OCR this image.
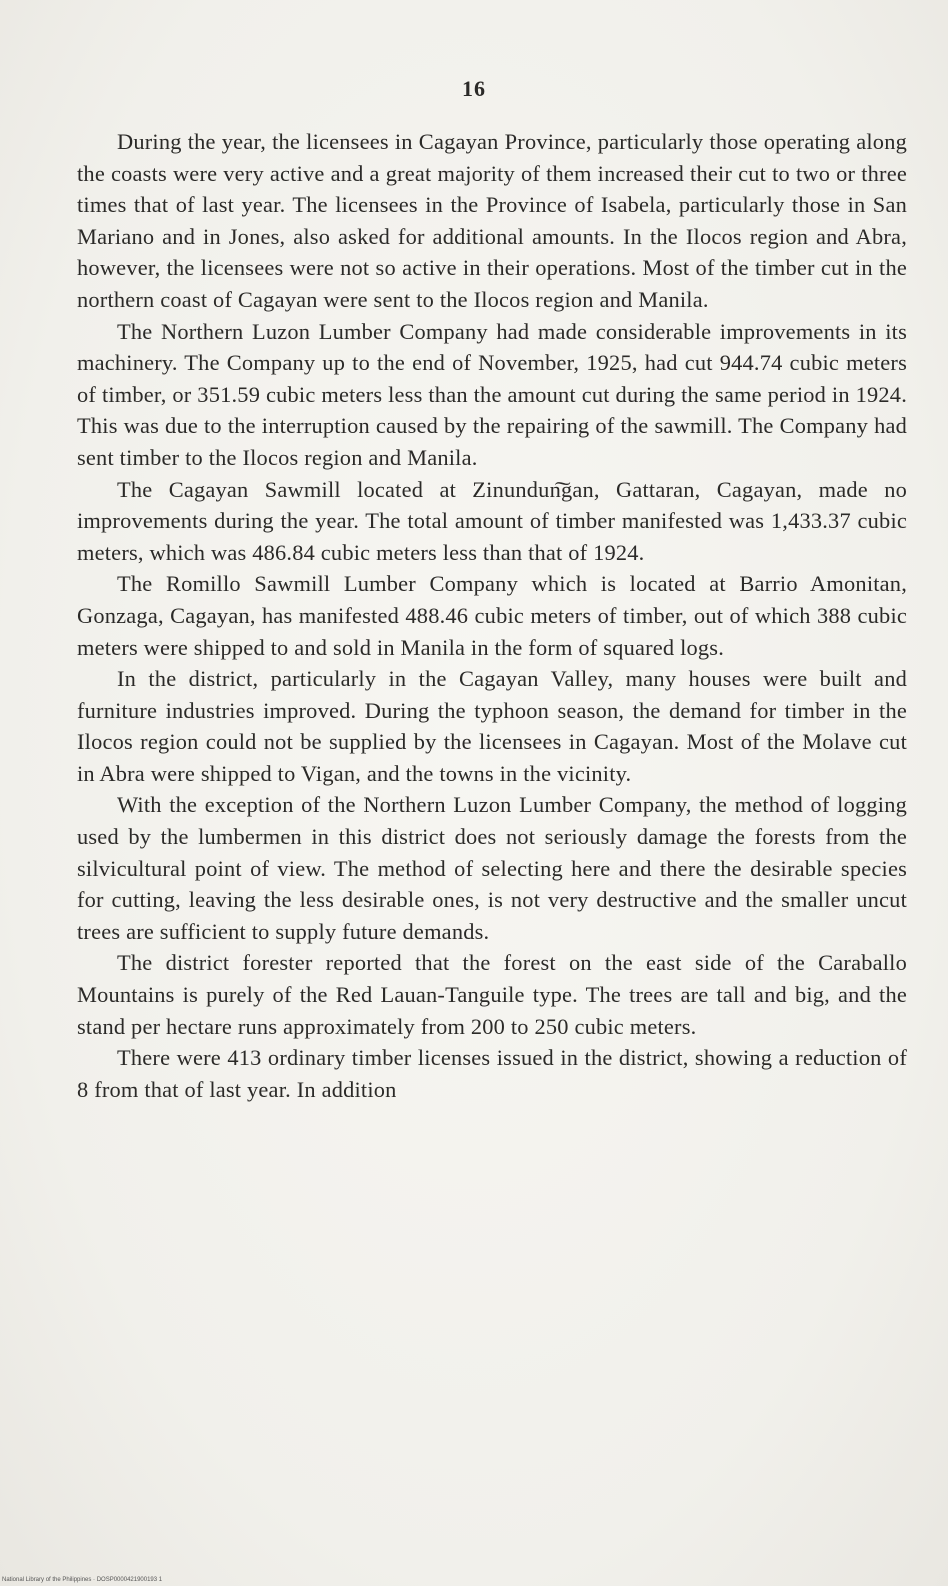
16

During the year, the licensees in Cagayan Province, particularly those operating along the coasts were very active and a great majority of them increased their cut to two or three times that of last year. The licensees in the Province of Isabela, particularly those in San Mariano and in Jones, also asked for additional amounts. In the Ilocos region and Abra, however, the licensees were not so active in their operations. Most of the timber cut in the northern coast of Cagayan were sent to the Ilocos region and Manila.

The Northern Luzon Lumber Company had made considerable improvements in its machinery. The Company up to the end of November, 1925, had cut 944.74 cubic meters of timber, or 351.59 cubic meters less than the amount cut during the same period in 1924. This was due to the interruption caused by the repairing of the sawmill. The Company had sent timber to the Ilocos region and Manila.

The Cagayan Sawmill located at Zinundun͠gan, Gattaran, Cagayan, made no improvements during the year. The total amount of timber manifested was 1,433.37 cubic meters, which was 486.84 cubic meters less than that of 1924.

The Romillo Sawmill Lumber Company which is located at Barrio Amonitan, Gonzaga, Cagayan, has manifested 488.46 cubic meters of timber, out of which 388 cubic meters were shipped to and sold in Manila in the form of squared logs.

In the district, particularly in the Cagayan Valley, many houses were built and furniture industries improved. During the typhoon season, the demand for timber in the Ilocos region could not be supplied by the licensees in Cagayan. Most of the Molave cut in Abra were shipped to Vigan, and the towns in the vicinity.

With the exception of the Northern Luzon Lumber Company, the method of logging used by the lumbermen in this district does not seriously damage the forests from the silvicultural point of view. The method of selecting here and there the desirable species for cutting, leaving the less desirable ones, is not very destructive and the smaller uncut trees are sufficient to supply future demands.

The district forester reported that the forest on the east side of the Caraballo Mountains is purely of the Red Lauan-Tanguile type. The trees are tall and big, and the stand per hectare runs approximately from 200 to 250 cubic meters.

There were 413 ordinary timber licenses issued in the district, showing a reduction of 8 from that of last year. In addition

National Library of the Philippines · DOSP0000421900193 1
